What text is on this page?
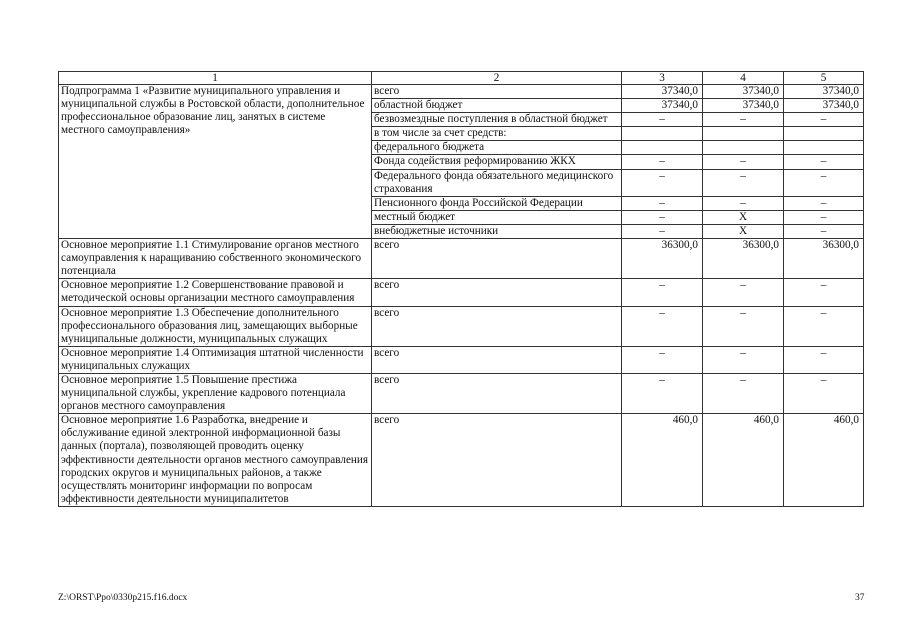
1	2	3	4	5
Подпрограмма 1 «Развитие муниципального управления и муниципальной службы в Ростовской области, дополнительное профессиональное образование лиц, занятых в системе местного самоуправления»	всего	37340,0	37340,0	37340,0
	областной бюджет	37340,0	37340,0	37340,0
	безвозмездные поступления в областной бюджет	–	–	–
	в том числе за счет средств:			
	федерального бюджета			
	Фонда содействия реформированию ЖКХ	–	–	–
	Федерального фонда обязательного медицинского страхования	–	–	–
	Пенсионного фонда Российской Федерации	–	–	–
	местный бюджет	–	Х	–
	внебюджетные источники	–	Х	–
Основное мероприятие 1.1 Стимулирование органов местного самоуправления к наращиванию собственного экономического потенциала	всего	36300,0	36300,0	36300,0
Основное мероприятие 1.2 Совершенствование правовой и методической основы организации местного самоуправления	всего	–	–	–
Основное мероприятие 1.3 Обеспечение дополнительного профессионального образования лиц, замещающих выборные муниципальные должности, муниципальных служащих	всего	–	–	–
Основное мероприятие 1.4 Оптимизация штатной численности муниципальных служащих	всего	–	–	–
Основное мероприятие 1.5 Повышение престижа муниципальной службы, укрепление кадрового потенциала органов местного самоуправления	всего	–	–	–
Основное мероприятие 1.6 Разработка, внедрение и обслуживание единой электронной информационной базы данных (портала), позволяющей проводить оценку эффективности деятельности органов местного самоуправления городских округов и муниципальных районов, а также осуществлять мониторинг информации по вопросам эффективности деятельности муниципалитетов	всего	460,0	460,0	460,0
Z:\ORST\Ppo\0330p215.f16.docx	37
